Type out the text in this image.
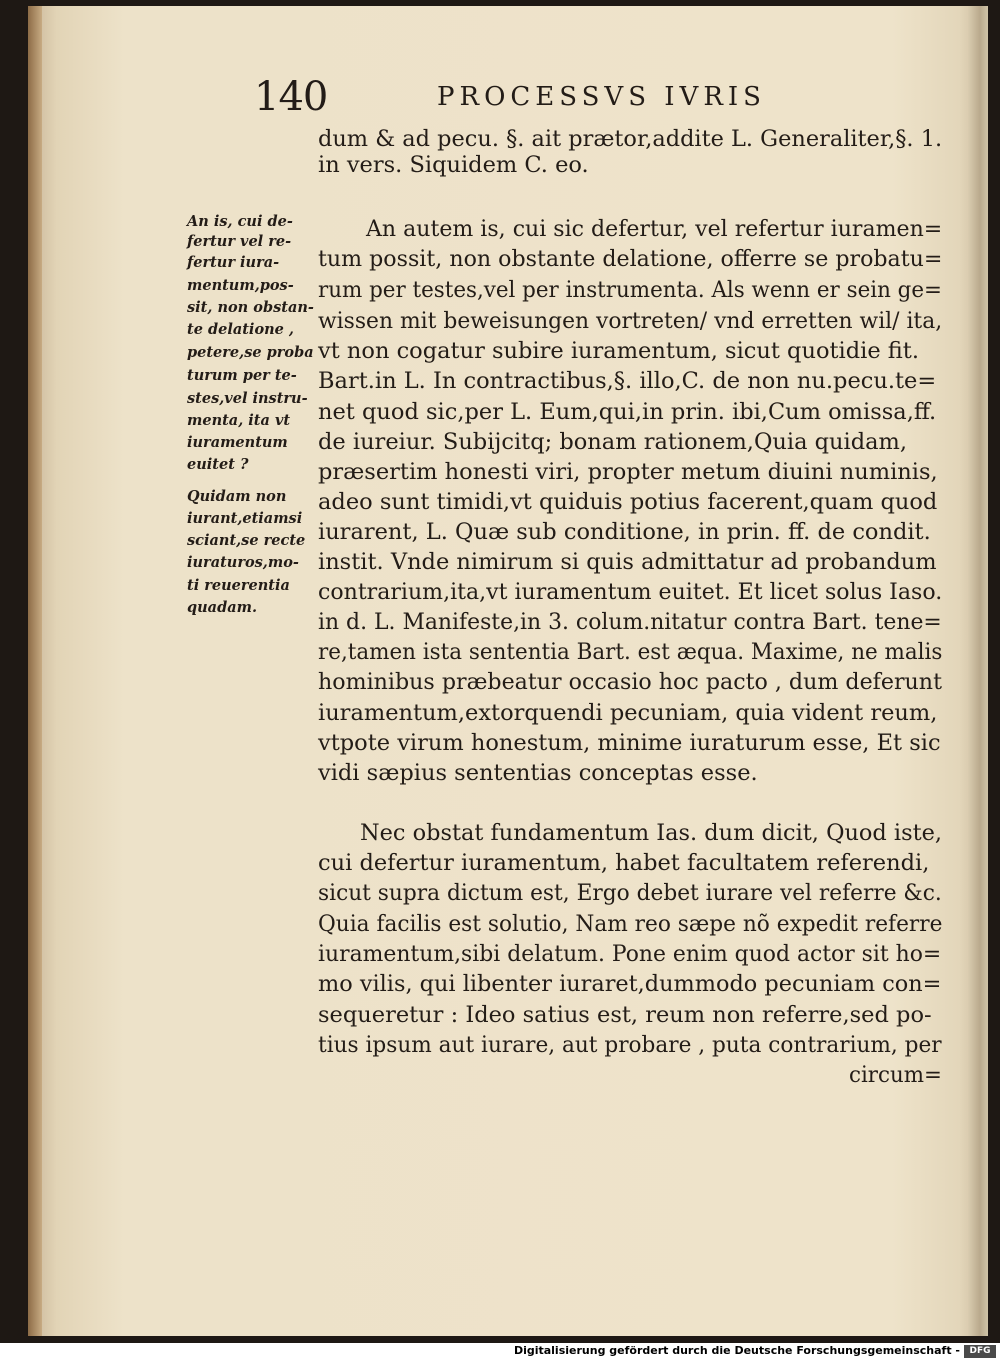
140	PROCESSVS IVRIS
An is, cui de-
fertur vel re-
fertur iura-
mentum,pos-
sit, non obstan-
te delatione ,
petere,se proba
turum per te-
stes,vel instru-
menta, ita vt
iuramentum
euitet ?
Quidam non
iurant,etiamsi
sciant,se recte
iuraturos,mo-
ti reuerentia
quadam.
dum & ad pecu. §. ait prætor,addite L. Generaliter,§. 1.
in vers. Siquidem C. eo.
An autem is, cui sic defertur, vel refertur iuramen=
tum possit, non obstante delatione, offerre se probatu=
rum per testes,vel per instrumenta. Als wenn er sein ge=
wissen mit beweisungen vortreten/ vnd erretten wil/ ita,
vt non cogatur subire iuramentum, sicut quotidie fit.
Bart.in L. In contractibus,§. illo,C. de non nu.pecu.te=
net quod sic,per L. Eum,qui,in prin. ibi,Cum omissa,ff.
de iureiur. Subijcitq; bonam rationem,Quia quidam,
præsertim honesti viri, propter metum diuini numinis,
adeo sunt timidi,vt quiduis potius facerent,quam quod
iurarent, L. Quæ sub conditione, in prin. ff. de condit.
instit. Vnde nimirum si quis admittatur ad probandum
contrarium,ita,vt iuramentum euitet. Et licet solus Iaso.
in d. L. Manifeste,in 3. colum.nitatur contra Bart. tene=
re,tamen ista sententia Bart. est æqua. Maxime, ne malis
hominibus præbeatur occasio hoc pacto , dum deferunt
iuramentum,extorquendi pecuniam, quia vident reum,
vtpote virum honestum, minime iuraturum esse, Et sic
vidi sæpius sententias conceptas esse.
Nec obstat fundamentum Ias. dum dicit, Quod iste,
cui defertur iuramentum, habet facultatem referendi,
sicut supra dictum est, Ergo debet iurare vel referre &c.
Quia facilis est solutio, Nam reo sæpe nõ expedit referre
iuramentum,sibi delatum. Pone enim quod actor sit ho=
mo vilis, qui libenter iuraret,dummodo pecuniam con=
sequeretur : Ideo satius est, reum non referre,sed po-
tius ipsum aut iurare, aut probare , puta contrarium, per
circum=
Digitalisierung gefördert durch die Deutsche Forschungsgemeinschaft -	DFG
